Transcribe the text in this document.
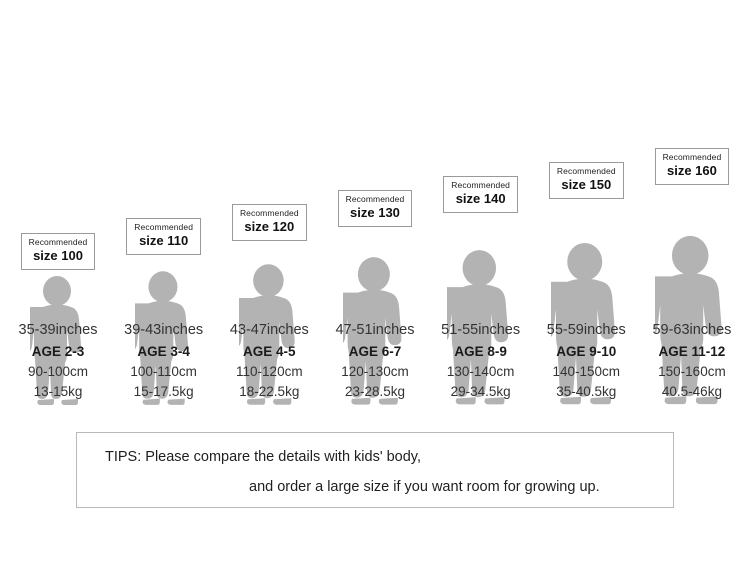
Recommended
size 100
Recommended
size 110
Recommended
size 120
Recommended
size 130
Recommended
size 140
Recommended
size 150
Recommended
size 160
35-39inches
AGE 2-3
90-100cm
13-15kg
39-43inches
AGE 3-4
100-110cm
15-17.5kg
43-47inches
AGE 4-5
110-120cm
18-22.5kg
47-51inches
AGE 6-7
120-130cm
23-28.5kg
51-55inches
AGE 8-9
130-140cm
29-34.5kg
55-59inches
AGE 9-10
140-150cm
35-40.5kg
59-63inches
AGE 11-12
150-160cm
40.5-46kg
TIPS: Please compare the details with kids' body,
and order a large size if you want room for growing up.
